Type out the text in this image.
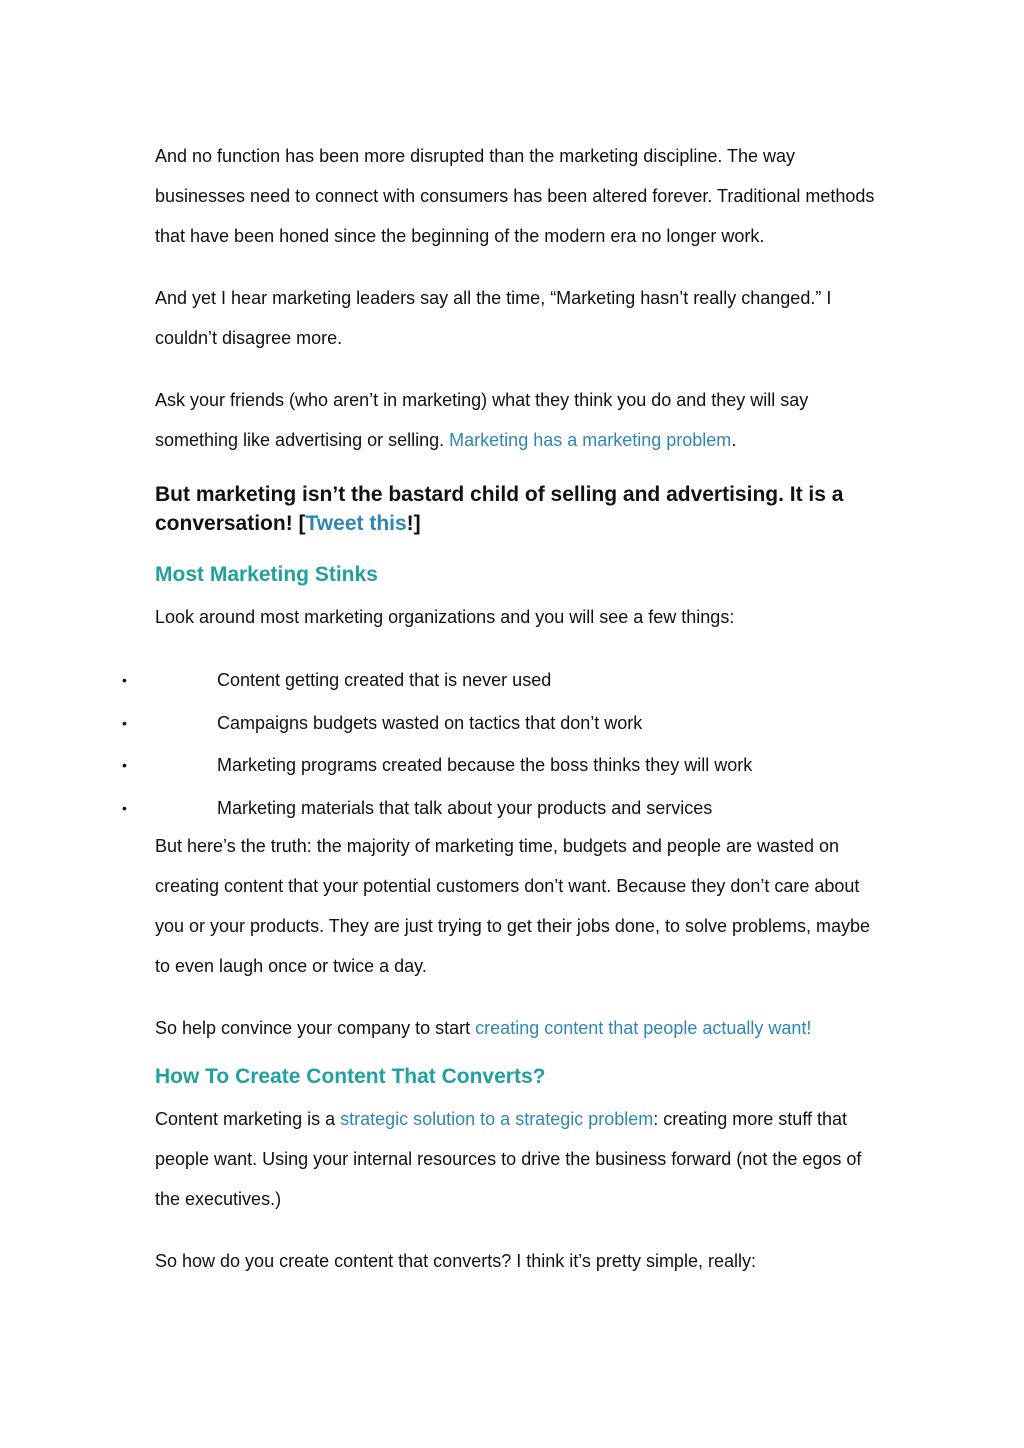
And no function has been more disrupted than the marketing discipline. The way businesses need to connect with consumers has been altered forever. Traditional methods that have been honed since the beginning of the modern era no longer work.

And yet I hear marketing leaders say all the time, “Marketing hasn’t really changed.” I couldn’t disagree more.

Ask your friends (who aren’t in marketing) what they think you do and they will say something like advertising or selling. Marketing has a marketing problem.

But marketing isn’t the bastard child of selling and advertising. It is a conversation! [Tweet this!]
Most Marketing Stinks

Look around most marketing organizations and you will see a few things:

•	Content getting created that is never used
•	Campaigns budgets wasted on tactics that don’t work
•	Marketing programs created because the boss thinks they will work
•	Marketing materials that talk about your products and services

But here’s the truth: the majority of marketing time, budgets and people are wasted on creating content that your potential customers don’t want. Because they don’t care about you or your products. They are just trying to get their jobs done, to solve problems, maybe to even laugh once or twice a day.

So help convince your company to start creating content that people actually want!

How To Create Content That Converts?

Content marketing is a strategic solution to a strategic problem: creating more stuff that people want. Using your internal resources to drive the business forward (not the egos of the executives.)

So how do you create content that converts? I think it’s pretty simple, really:
